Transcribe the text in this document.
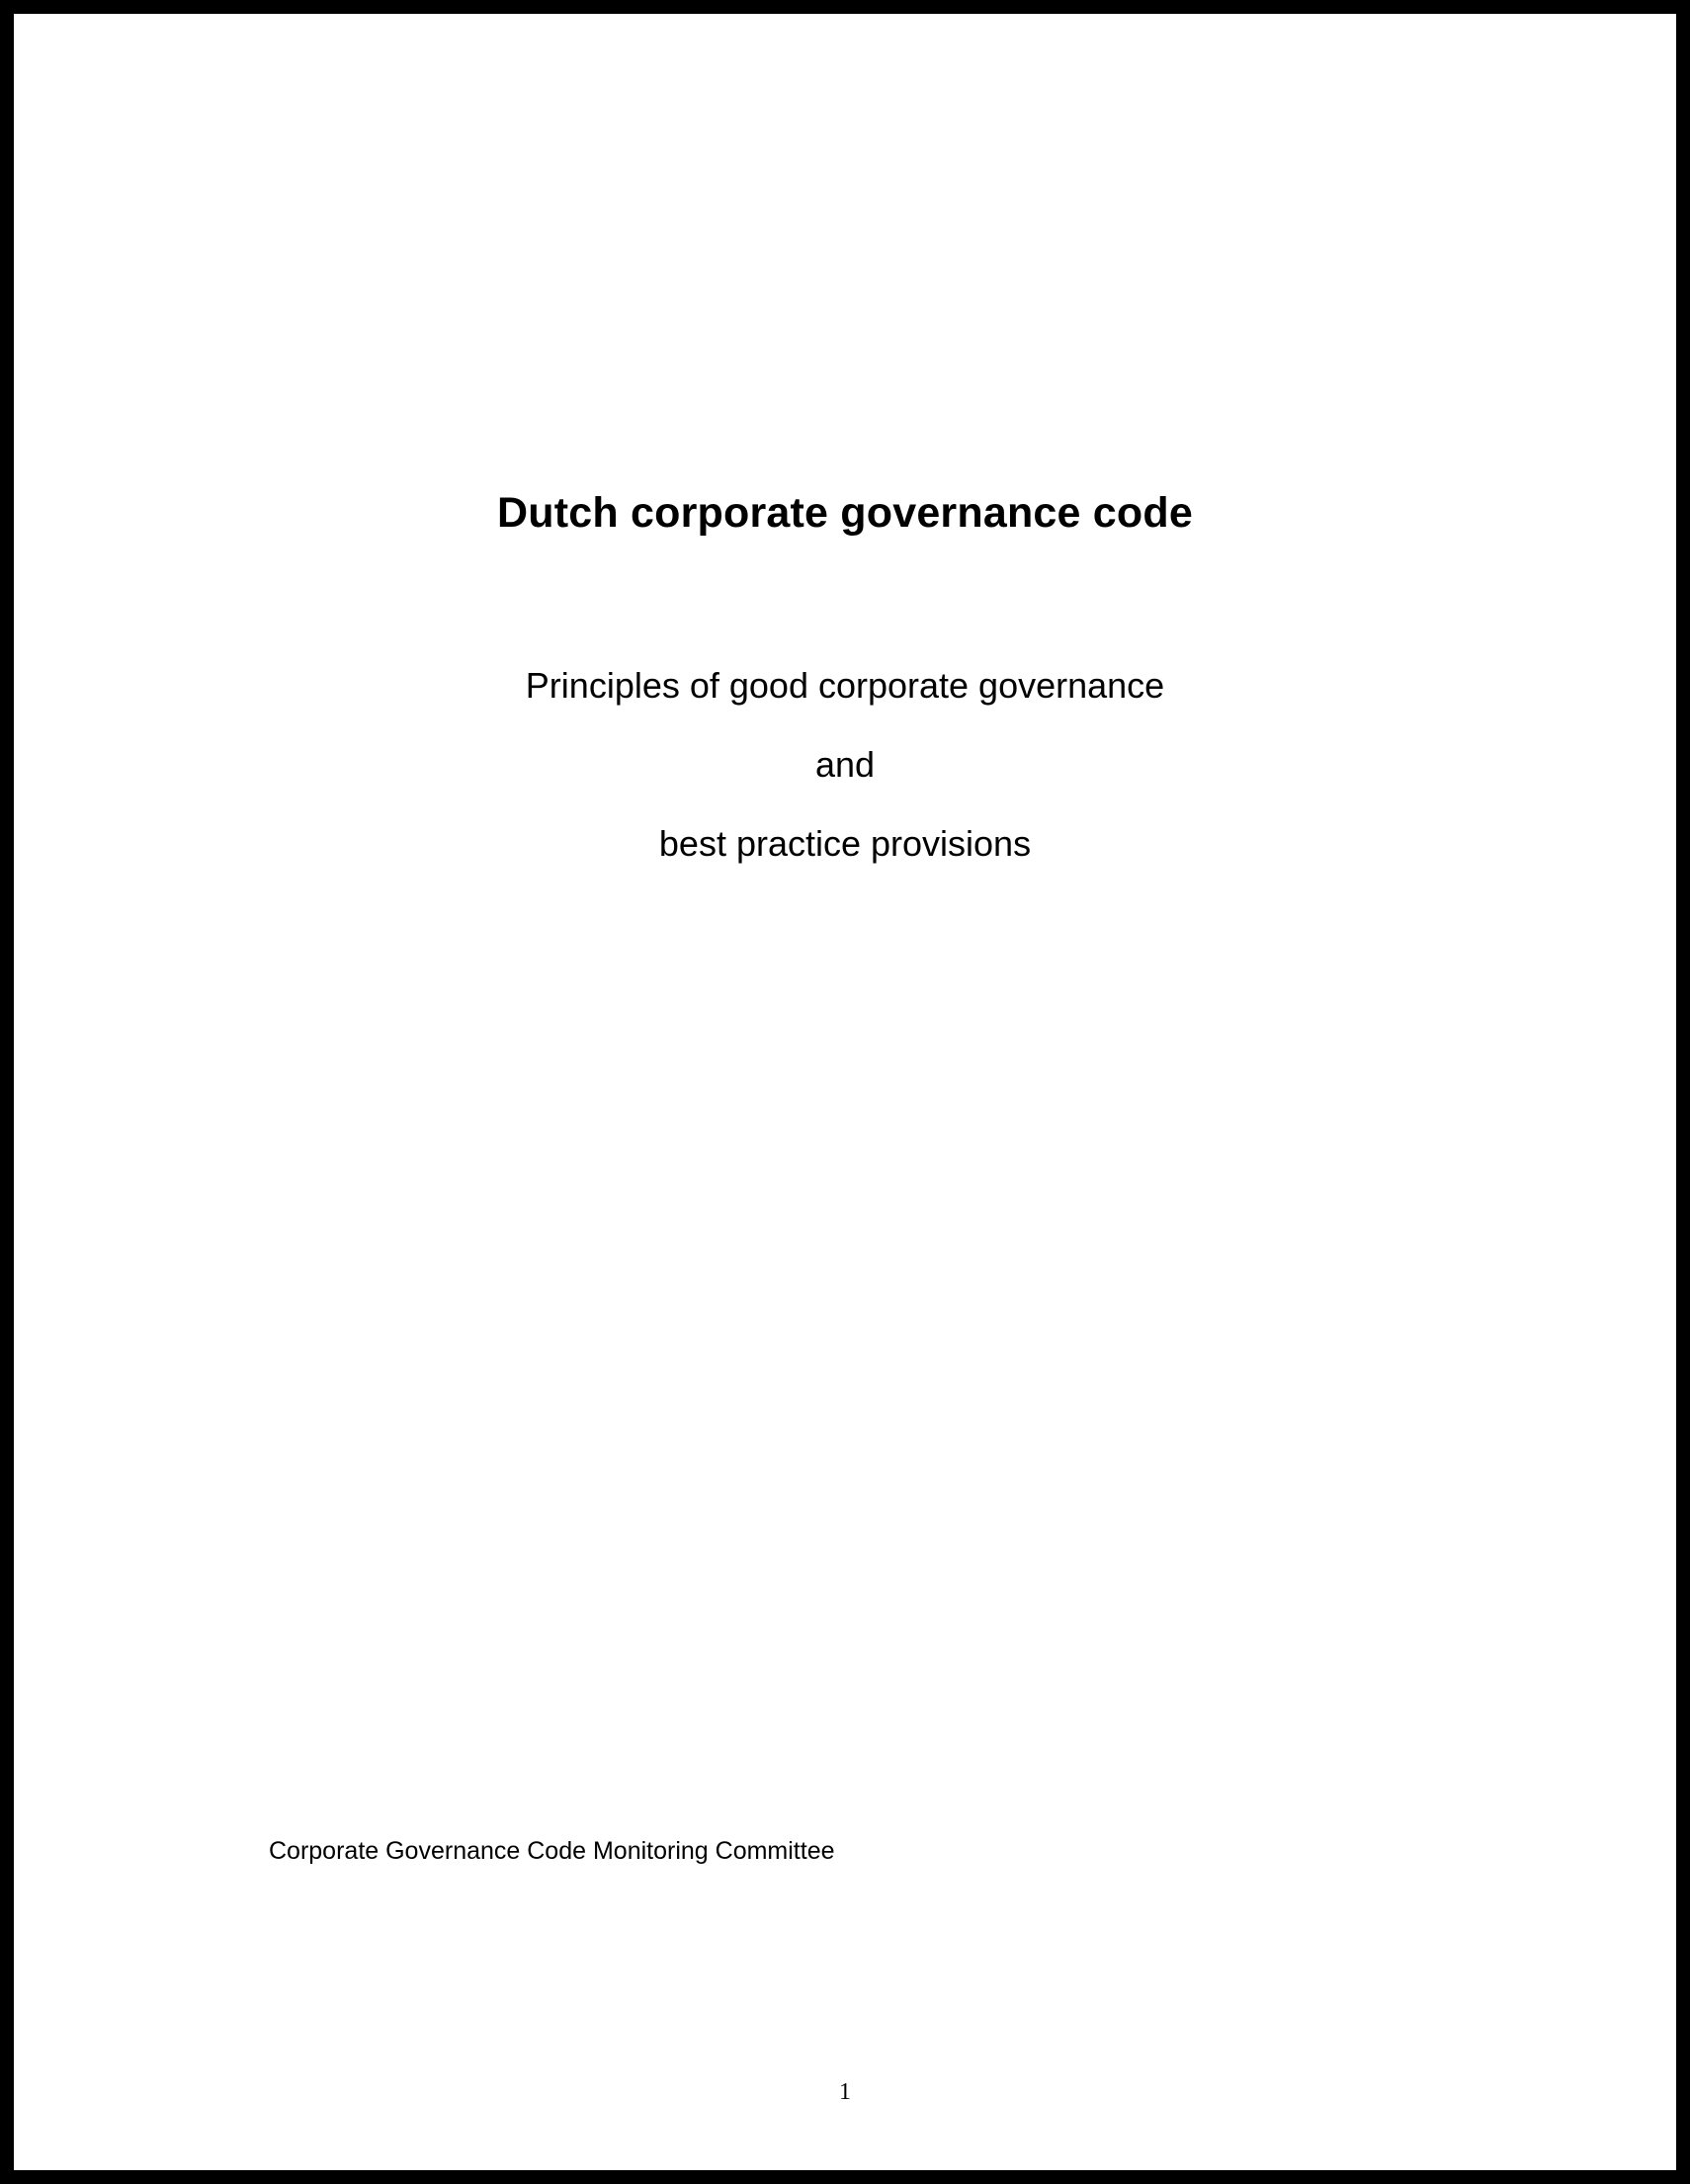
Dutch corporate governance code

Principles of good corporate governance

and

best practice provisions

Corporate Governance Code Monitoring Committee
1
